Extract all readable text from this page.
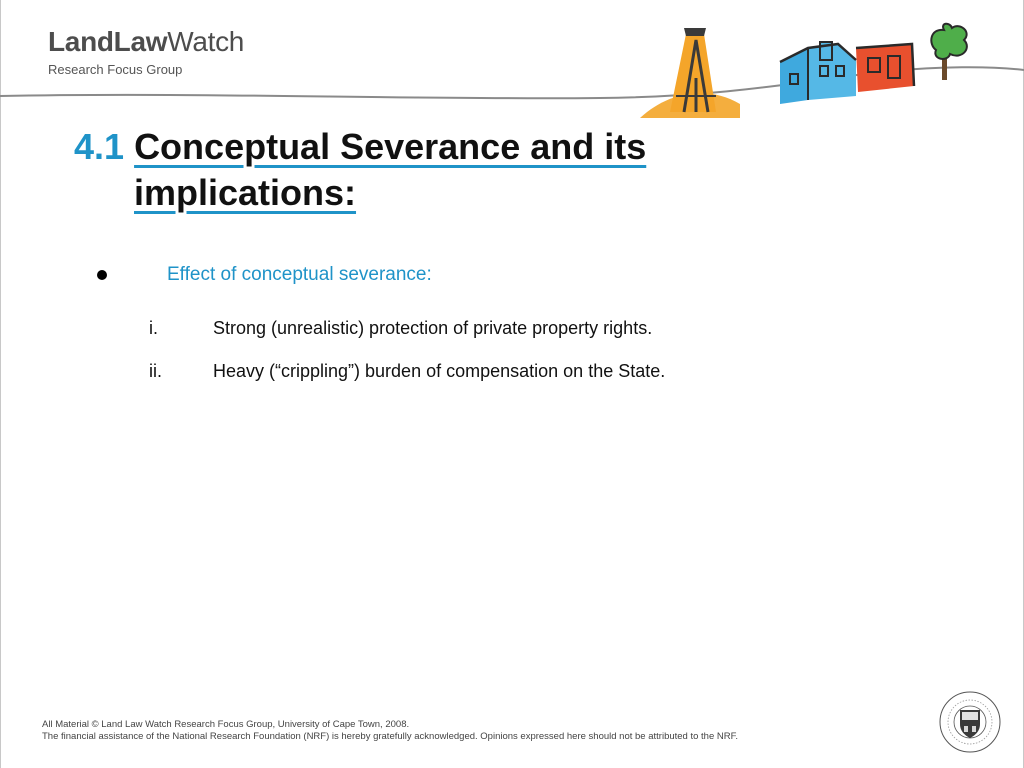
LandLawWatch
Research Focus Group
4.1 Conceptual Severance and its
implications:
Effect of conceptual severance:
i.	Strong (unrealistic) protection of private property rights.
ii.	Heavy (“crippling”) burden of compensation on the State.
All Material © Land Law Watch Research Focus Group, University of Cape Town, 2008.
The financial assistance of the National Research Foundation (NRF) is hereby gratefully acknowledged. Opinions expressed here should not be attributed to the NRF.
